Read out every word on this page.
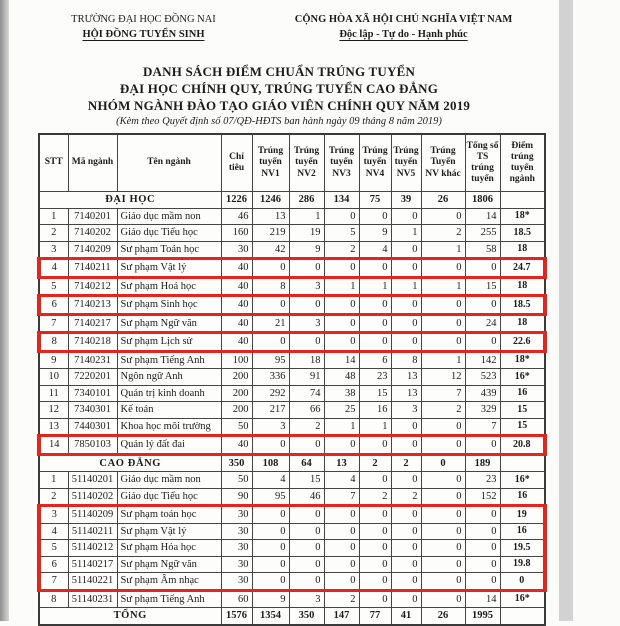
TRƯỜNG ĐẠI HỌC ĐỒNG NAI
HỘI ĐỒNG TUYỂN SINH
CỘNG HÒA XÃ HỘI CHỦ NGHĨA VIỆT NAM
Độc lập - Tự do - Hạnh phúc
DANH SÁCH ĐIỂM CHUẨN TRÚNG TUYỂN
ĐẠI HỌC CHÍNH QUY, TRÚNG TUYỂN CAO ĐẲNG
NHÓM NGÀNH ĐÀO TẠO GIÁO VIÊN CHÍNH QUY NĂM 2019
(Kèm theo Quyết định số 07/QĐ-HĐTS ban hành ngày 09 tháng 8 năm 2019)
STT	Mã ngành	Tên ngành	Chỉ tiêu	Trúng tuyển NV1	Trúng tuyển NV2	Trúng tuyển NV3	Trúng tuyển NV4	Trúng tuyển NV5	Trúng Tuyển NV khác	Tổng số TS trúng tuyển	Điểm trúng tuyển ngành
ĐẠI HỌC			1226	1246	286	134	75	39	26	1806	
1	7140201	Giáo dục mầm non	46	13	1	0	0	0	0	14	18*
2	7140202	Giáo dục Tiểu học	160	219	19	5	9	1	2	255	18.5
3	7140209	Sư phạm Toán học	30	42	9	2	4	0	1	58	18
4	7140211	Sư phạm Vật lý	40	0	0	0	0	0	0	0	24.7
5	7140212	Sư phạm Hoá học	40	8	3	1	1	1	1	15	18
6	7140213	Sư phạm Sinh học	40	0	0	0	0	0	0	0	18.5
7	7140217	Sư phạm Ngữ văn	40	21	3	0	0	0	0	24	18
8	7140218	Sư phạm Lịch sử	40	0	0	0	0	0	0	0	22.6
9	7140231	Sư phạm Tiếng Anh	100	95	18	14	6	8	1	142	18*
10	7220201	Ngôn ngữ Anh	200	336	91	48	23	13	12	523	16*
11	7340101	Quản trị kinh doanh	200	292	74	38	15	13	7	439	16
12	7340301	Kế toán	200	217	66	25	16	3	2	329	15
13	7440301	Khoa học môi trường	50	3	2	1	1	0	0	7	15
14	7850103	Quản lý đất đai	40	0	0	0	0	0	0	0	20.8
CAO ĐẲNG			350	108	64	13	2	2	0	189	
1	51140201	Giáo dục mầm non	50	4	15	4	0	0	0	23	16*
2	51140202	Giáo dục Tiểu học	90	95	46	7	2	2	0	152	16
3	51140209	Sư phạm toán học	30	0	0	0	0	0	0	0	19
4	51140211	Sư phạm Vật lý	30	0	0	0	0	0	0	0	16
5	51140212	Sư phạm Hóa học	30	0	0	0	0	0	0	0	19.5
6	51140217	Sư phạm Ngữ văn	30	0	0	0	0	0	0	0	19.8
7	51140221	Sư phạm Âm nhạc	30	0	0	0	0	0	0	0	0
8	51140231	Sư phạm Tiếng Anh	60	9	3	2	0	0	0	14	16*
TỔNG			1576	1354	350	147	77	41	26	1995	
